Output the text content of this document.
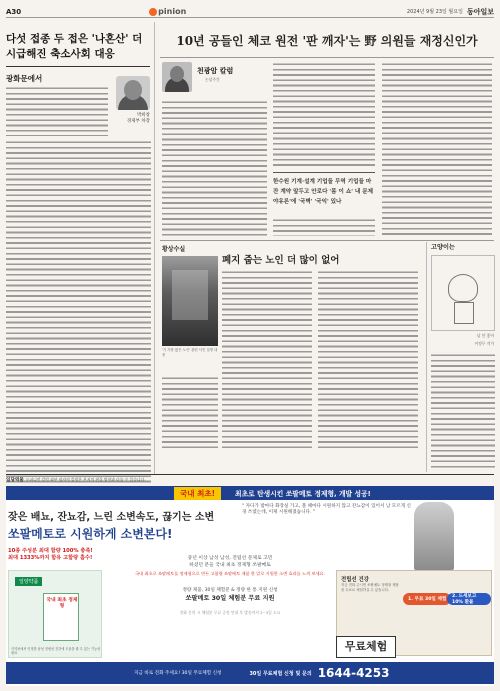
A30	pinion	2024년 9월 23일 월요일 동아일보
다섯 접종 두 접은 '나혼산' 더 시급해진 축소사회 대응
광화문에서
박희창
경제부 차장
10년 공들인 체코 원전 '판 깨자'는 野 의원들 재정신인가
천광암 칼럼
논설주간
한수원 기계·설계 기업들 무역 기업들 마잔 계약 앞두고 안로다 '몸 이 쇼' 내 문제 야유론'에 '국벽' '국익' 있나
황상수실
폐지 줍는 노인 더 많이 없어
'기 가장 많은 노인' 관련 사진 설명 내용
고양이는
날 안 좋아
이정무 작가
일당역물 오피니언 칼럼 외부 필자의 칼럼은 본지의 편집 방향과 다를 수 있습니다.
국내 최초!	최초로 탄생시킨 쏘팔메토 정제형, 개발 성공!
잦은 배뇨, 잔뇨감, 느린 소변속도, 끊기는 소변
쏘팔메토로 시원하게 소변본다!
" 자다가 밤마다 화장실 가고, 볼 때마다 시원하지 않고 잔뇨감이 있어서 남 모르게 신경 쓰였는데, 이제 시원해졌습니다. "
10종 주성분 최대 함량 100% 충족!
최대 1333%까지 함유 고함량 흡수!
일양약품
국내 최초 정제형
식약처에서 인정한 남성 전립선 건강에 도움을 줄 수 있는 기능성 원료
중년 이상 남성 남성, 전립선 문제로 고민
하셨던 분들 국내 최초 정제형 쏘팔메토
국내 최초로 쏘팔메토를 정제형으로 만든 고함량 쏘팔메토 제품 한 알로 시원한 소변 효과를 느껴 보세요.
정량 제품, 30일 체험분 & 정량 한 통 지원 신청
쏘팔메토 30일 체험분 무료 지원
전화 문의 시 체험분 무료 증정 안내 후 발송까지 2~3일 소요
전립선 건강
지금 전화 주시면 쏘팔메토 정제형 제품을 무료로 체험하실 수 있습니다.
1. 무료 30일 체험
2. 드세보고 10% 환불
무료체험
지금 바로 전화 주세요! 30일 무료체험 신청	30일 무료체험 신청 및 문의 1644-4253
